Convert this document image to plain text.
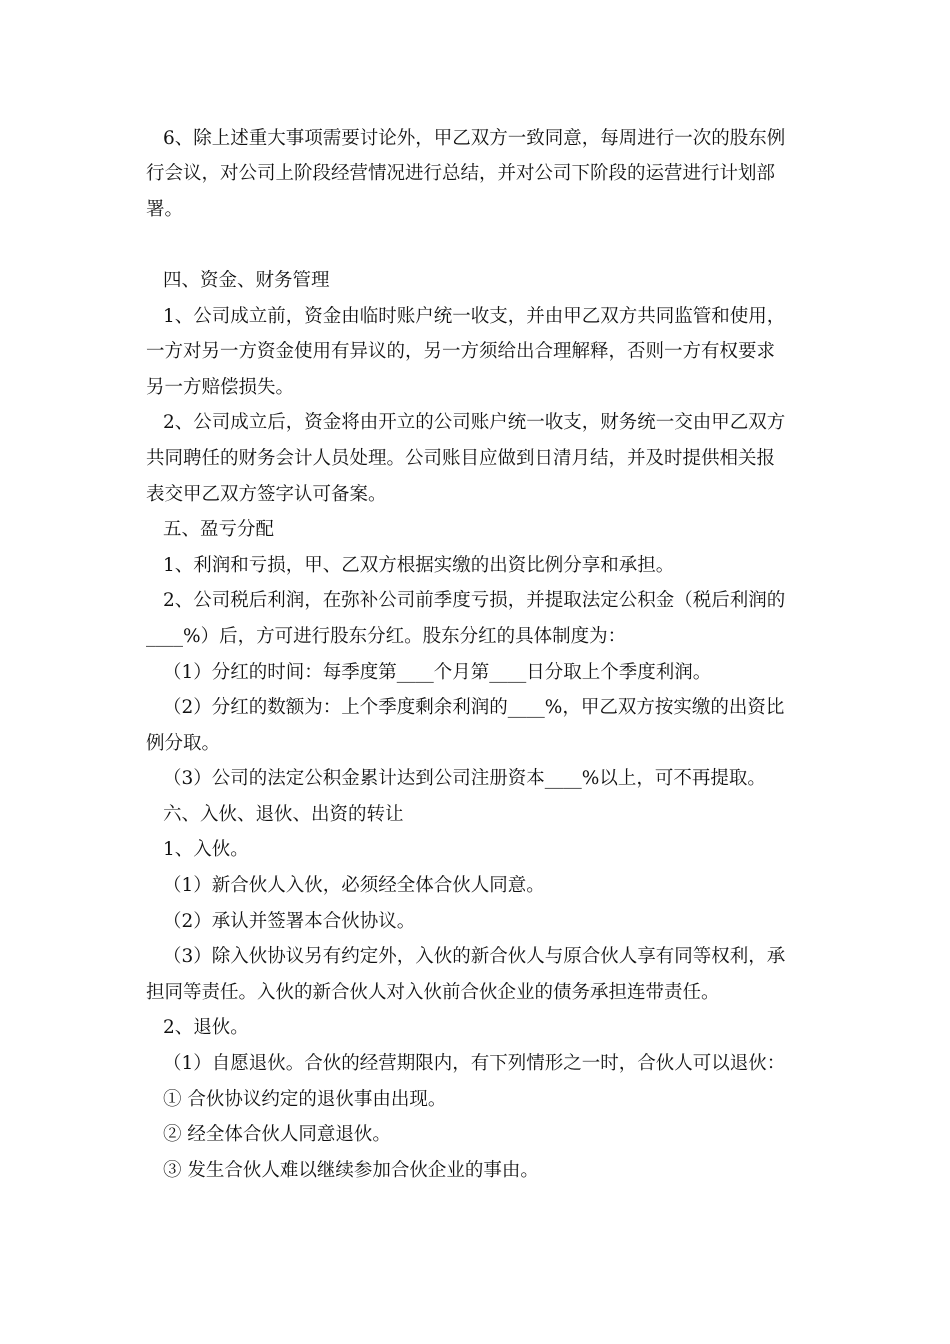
6、除上述重大事项需要讨论外，甲乙双方一致同意，每周进行一次的股东例

行会议，对公司上阶段经营情况进行总结，并对公司下阶段的运营进行计划部

署。

四、资金、财务管理

1、公司成立前，资金由临时账户统一收支，并由甲乙双方共同监管和使用，

一方对另一方资金使用有异议的，另一方须给出合理解释，否则一方有权要求

另一方赔偿损失。

2、公司成立后，资金将由开立的公司账户统一收支，财务统一交由甲乙双方

共同聘任的财务会计人员处理。公司账目应做到日清月结，并及时提供相关报

表交甲乙双方签字认可备案。

五、盈亏分配

1、利润和亏损，甲、乙双方根据实缴的出资比例分享和承担。

2、公司税后利润，在弥补公司前季度亏损，并提取法定公积金（税后利润的

____%）后，方可进行股东分红。股东分红的具体制度为：

（1）分红的时间：每季度第____个月第____日分取上个季度利润。

（2）分红的数额为：上个季度剩余利润的____%，甲乙双方按实缴的出资比

例分取。

（3）公司的法定公积金累计达到公司注册资本____%以上，可不再提取。

六、入伙、退伙、出资的转让

1、入伙。

（1）新合伙人入伙，必须经全体合伙人同意。

（2）承认并签署本合伙协议。

（3）除入伙协议另有约定外，入伙的新合伙人与原合伙人享有同等权利，承

担同等责任。入伙的新合伙人对入伙前合伙企业的债务承担连带责任。

2、退伙。

（1）自愿退伙。合伙的经营期限内，有下列情形之一时，合伙人可以退伙：

① 合伙协议约定的退伙事由出现。

② 经全体合伙人同意退伙。

③ 发生合伙人难以继续参加合伙企业的事由。
